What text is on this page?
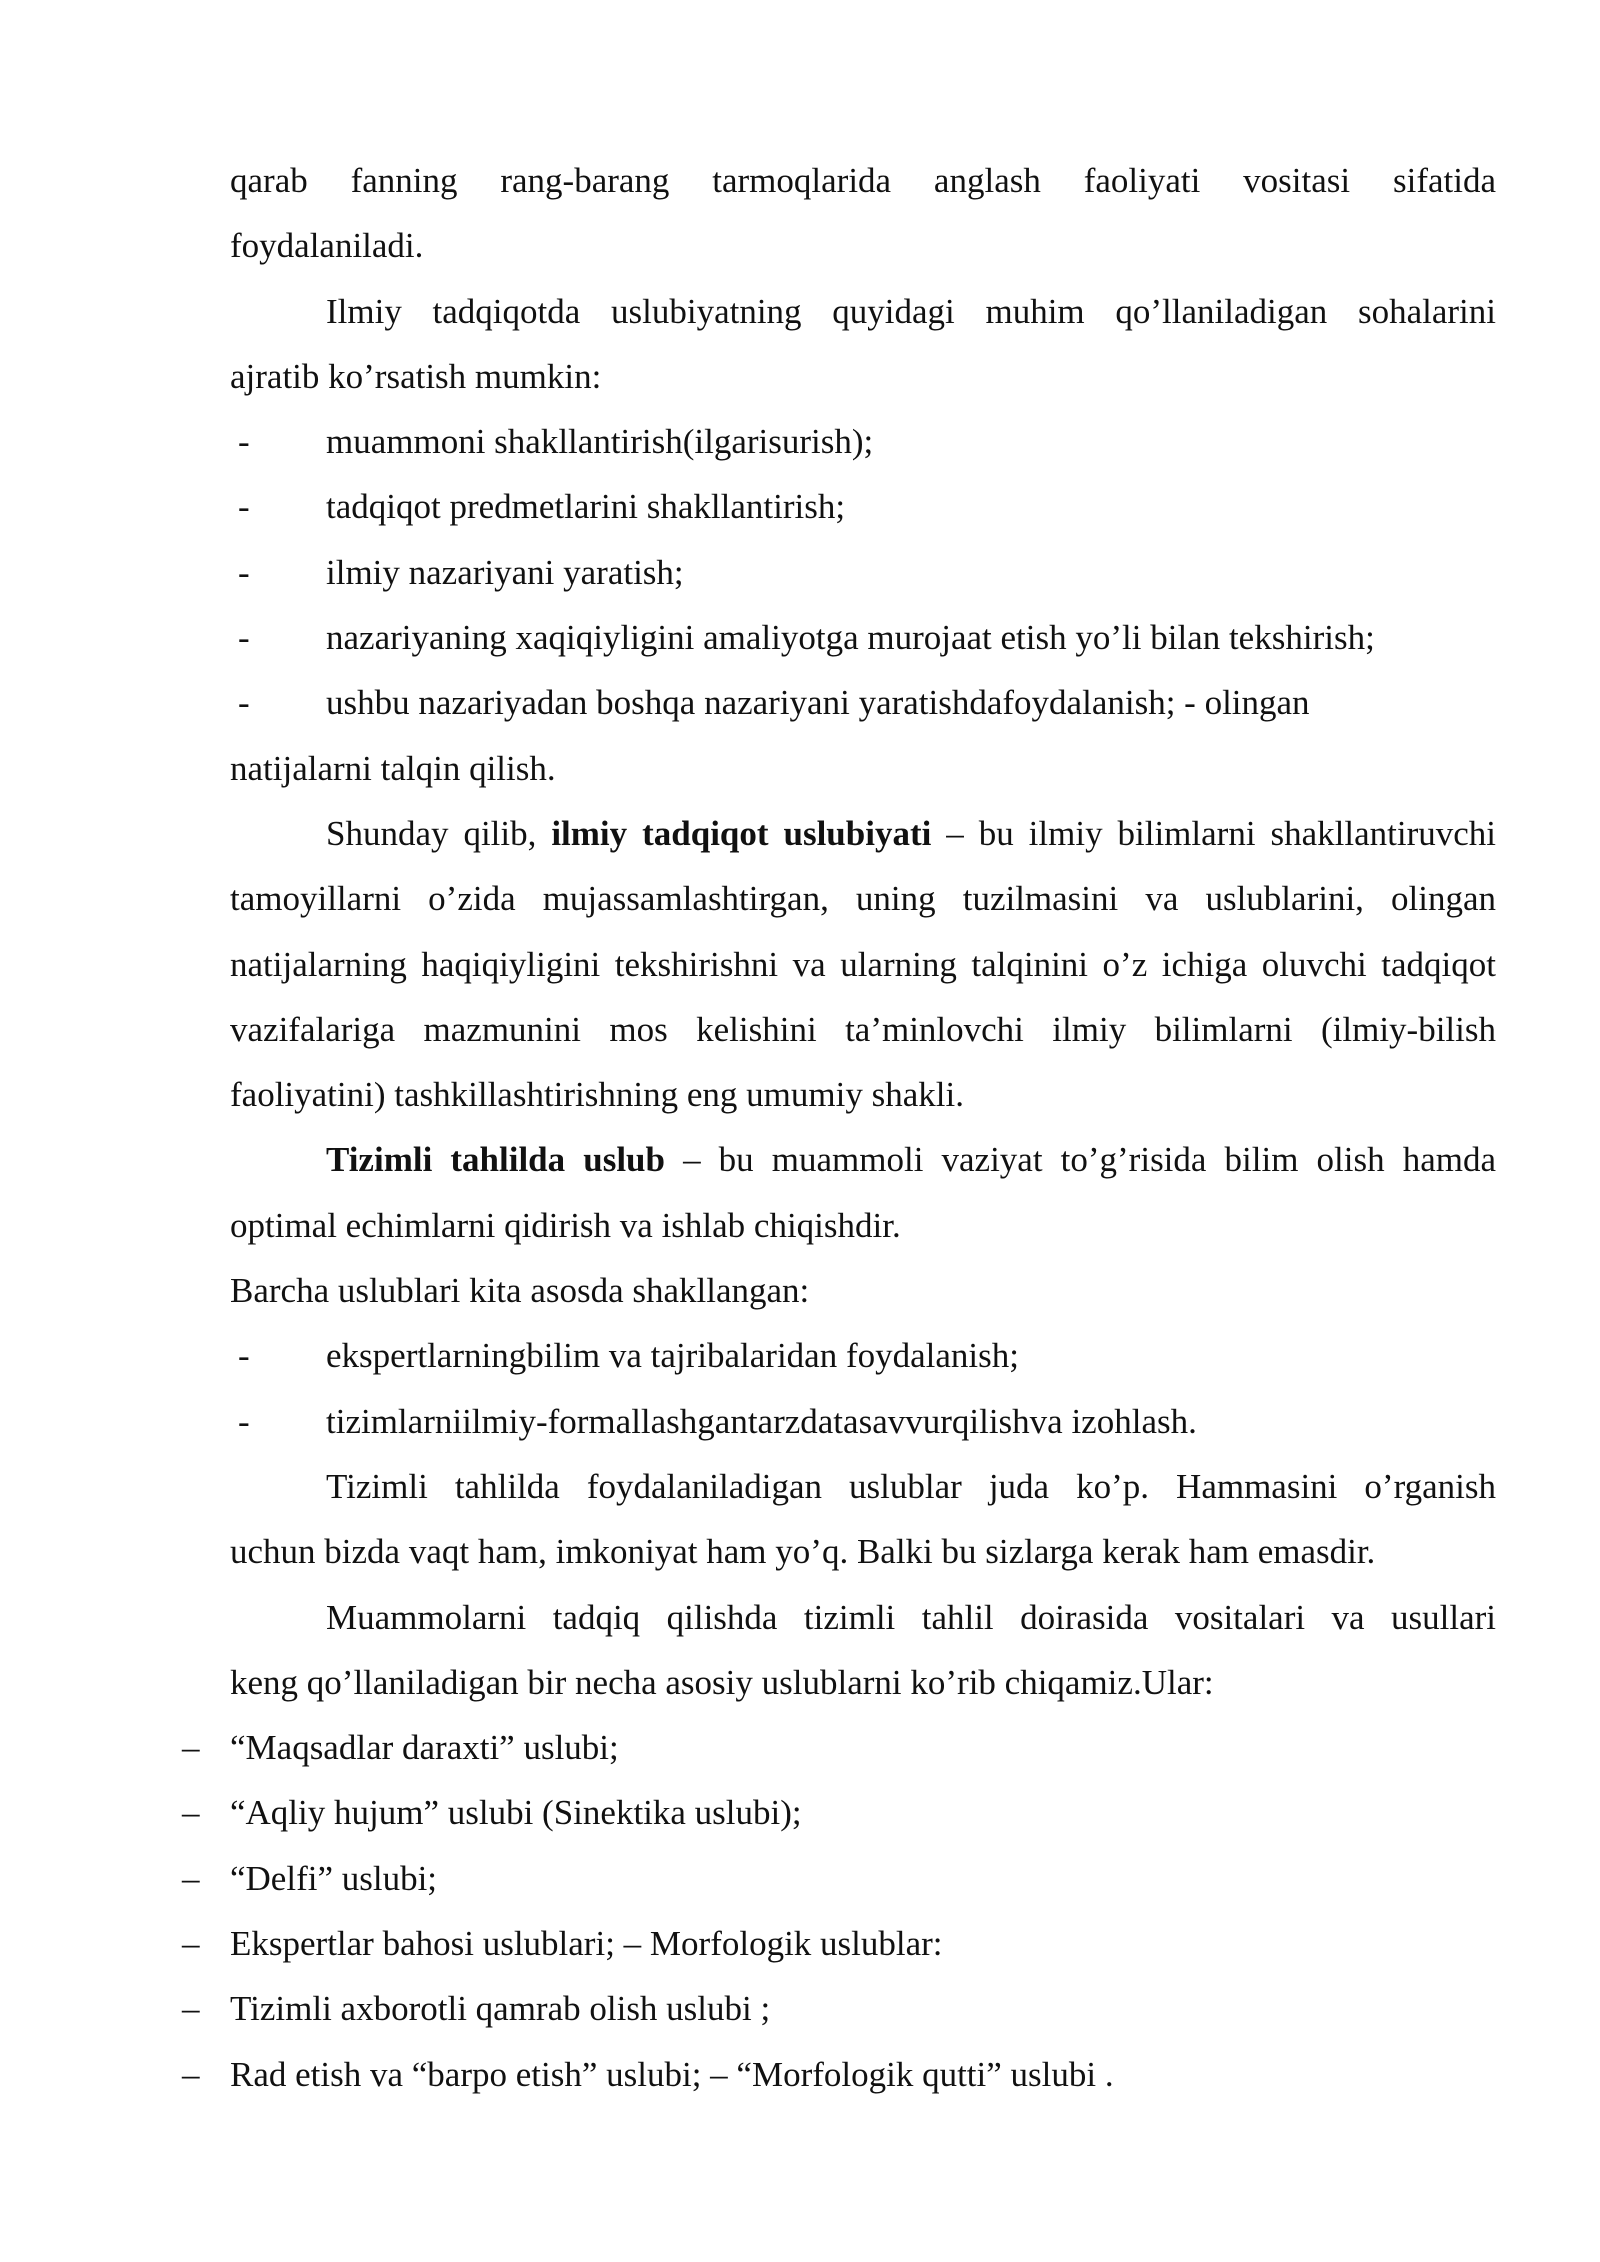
qarab fanning rang-barang tarmoqlarida anglash faoliyati vositasi sifatida

foydalaniladi.

Ilmiy tadqiqotda uslubiyatning quyidagi muhim qo’llaniladigan sohalarini

ajratib ko’rsatish mumkin:

- muammoni shakllantirish(ilgarisurish);
- tadqiqot predmetlarini shakllantirish;
- ilmiy nazariyani yaratish;
- nazariyaning xaqiqiyligini amaliyotga murojaat etish yo’li bilan tekshirish;
- ushbu nazariyadan boshqa nazariyani yaratishdafoydalanish; - olingan

natijalarni talqin qilish.

Shunday qilib, ilmiy tadqiqot uslubiyati – bu ilmiy bilimlarni shakllantiruvchi tamoyillarni o’zida mujassamlashtirgan, uning tuzilmasini va uslublarini, olingan natijalarning haqiqiyligini tekshirishni va ularning talqinini o’z ichiga oluvchi tadqiqot vazifalariga mazmunini mos kelishini ta’minlovchi ilmiy bilimlarni (ilmiy-bilish faoliyatini) tashkillashtirishning eng umumiy shakli.

Tizimli tahlilda uslub – bu muammoli vaziyat to’g’risida bilim olish hamda optimal echimlarni qidirish va ishlab chiqishdir.

Barcha uslublari kita asosda shakllangan:

- ekspertlarningbilim va tajribalaridan foydalanish;
- tizimlarniilmiy-formallashgantarzdatasavvurqilishva izohlash.

Tizimli tahlilda foydalaniladigan uslublar juda ko’p. Hammasini o’rganish

uchun bizda vaqt ham, imkoniyat ham yo’q. Balki bu sizlarga kerak ham emasdir.

Muammolarni tadqiq qilishda tizimli tahlil doirasida vositalari va usullari

keng qo’llaniladigan bir necha asosiy uslublarni ko’rib chiqamiz.Ular:

– “Maqsadlar daraxti” uslubi;
– “Aqliy hujum” uslubi (Sinektika uslubi);
– “Delfi” uslubi;
– Ekspertlar bahosi uslublari; – Morfologik uslublar:
– Tizimli axborotli qamrab olish uslubi ;
– Rad etish va “barpo etish” uslubi; – “Morfologik qutti” uslubi .
